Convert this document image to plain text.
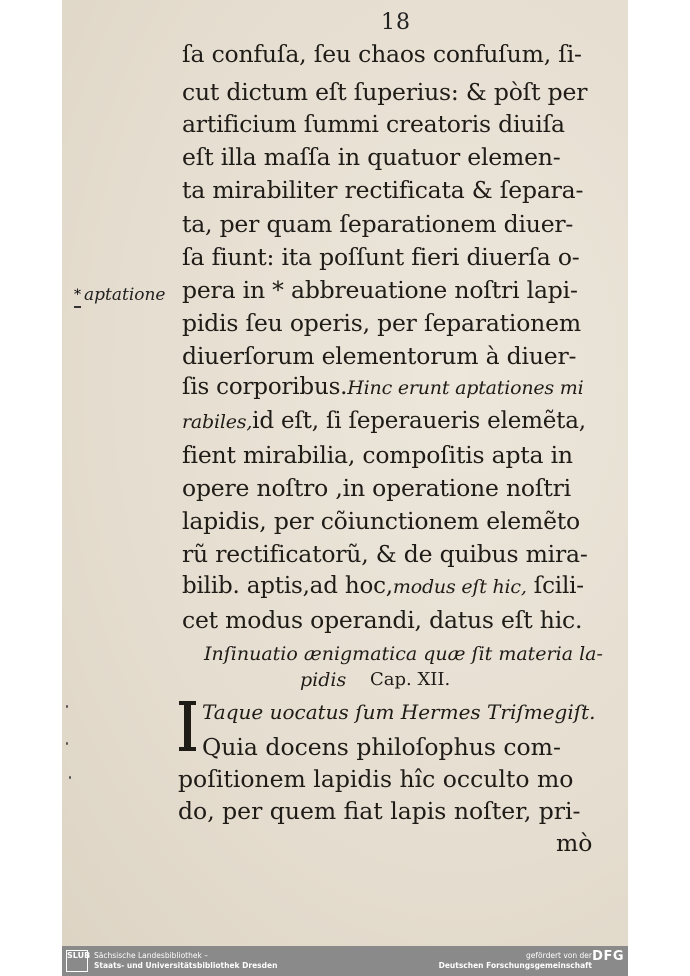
18
ſa confuſa, ſeu chaos confuſum, ſi-
cut dictum eſt ſuperius: & pòſt per
artificium ſummi creatoris diuiſa
eſt illa maſſa in quatuor elemen-
ta mirabiliter rectificata & ſepara-
ta, per quam ſeparationem diuer-
ſa fiunt: ita poſſunt fieri diuerſa o-
pera in * abbreuatione noſtri lapi-
pidis ſeu operis, per ſeparationem
diuerſorum elementorum à diuer-
* aptatione
ſis corporibus.Hinc erunt aptationes mi
rabiles,id eſt, ſi ſeperaueris elemẽta,
fient mirabilia, compoſitis apta in
opere noſtro ,in operatione noſtri
lapidis, per cõiunctionem elemẽto
rũ rectificatorũ, & de quibus mira-
bilib. aptis,ad hoc,modus eſt hic, ſcili-
cet modus operandi, datus eſt hic.
Inſinuatio ænigmatica quæ ſit materia la-
pidis Cap. XII.
Taque uocatus ſum Hermes Triſmegiſt.
Quia docens philoſophus com-
poſitionem lapidis hîc occulto mo
do, per quem fiat lapis noſter, pri-
mò
SLUB Sächsische Landesbibliothek –
Staats- und Universitätsbibliothek Dresden
gefördert von der
Deutschen Forschungsgemeinschaft
DFG
